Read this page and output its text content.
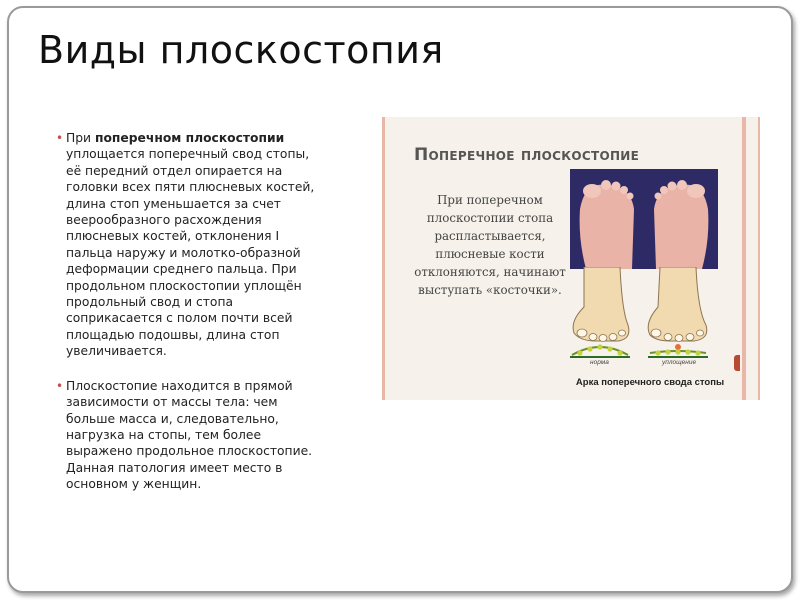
Виды плоскостопия
• При поперечном плоскостопии уплощается поперечный свод стопы, её передний отдел опирается на головки всех пяти плюсневых костей, длина стоп уменьшается за счет веерообразного расхождения плюсневых костей, отклонения I пальца наружу и молотко-образной деформации среднего пальца. При продольном плоскостопии уплощён продольный свод и стопа соприкасается с полом почти всей площадью подошвы, длина стоп увеличивается.
• Плоскостопие находится в прямой зависимости от массы тела: чем больше масса и, следовательно, нагрузка на стопы, тем более выражено продольное плоскостопие. Данная патология имеет место в основном у женщин.
Поперечное плоскостопие
При поперечном плоскостопии стопа распластывается, плюсневые кости отклоняются, начинают выступать «косточки».
норма	уплощение
Арка поперечного свода стопы
